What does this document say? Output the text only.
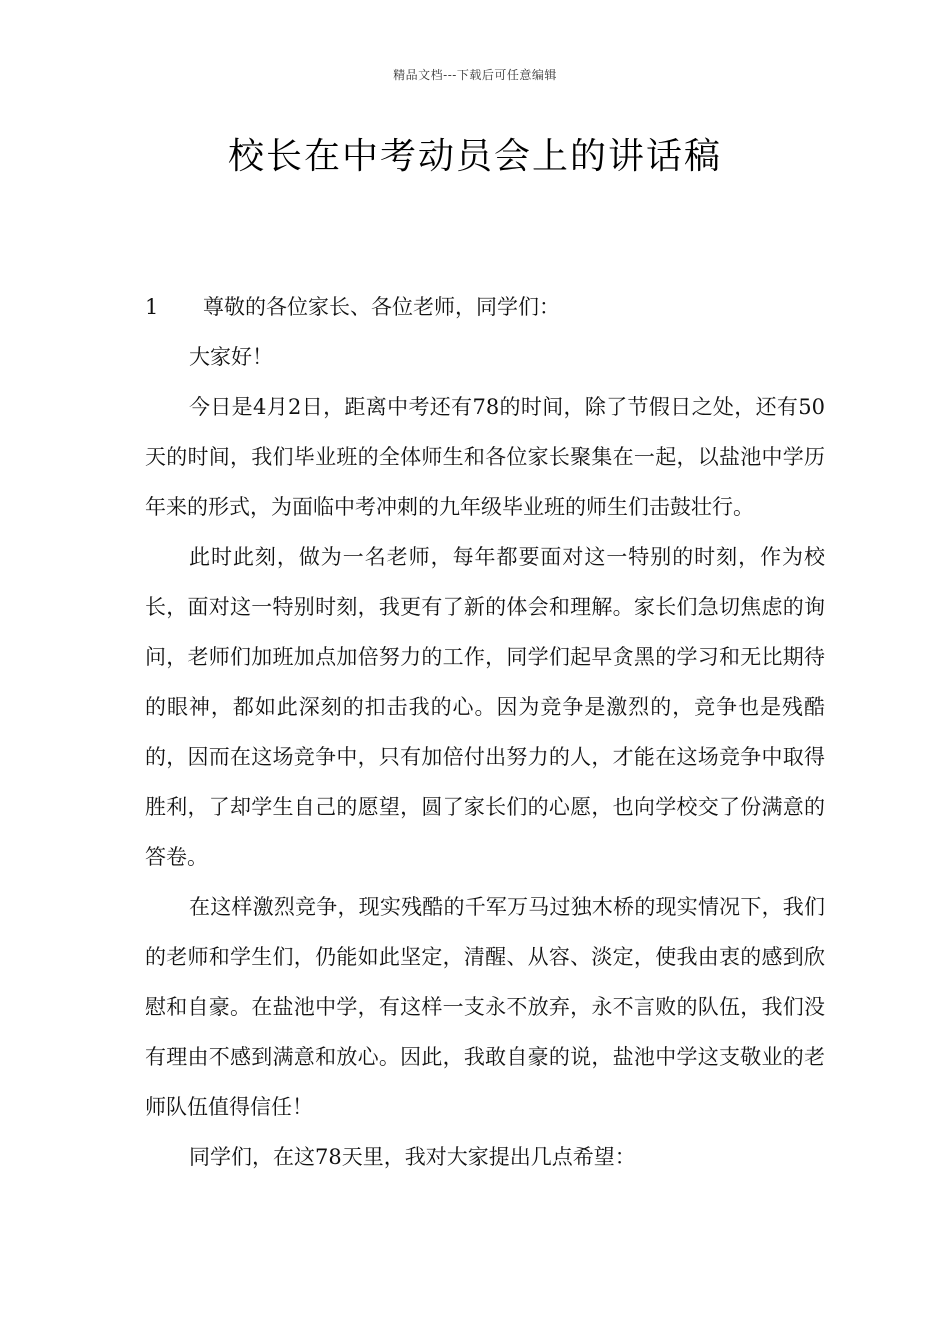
精品文档---下载后可任意编辑
校长在中考动员会上的讲话稿
1	尊敬的各位家长、各位老师，同学们：

大家好！

今日是4月2日，距离中考还有78的时间，除了节假日之处，还有50天的时间，我们毕业班的全体师生和各位家长聚集在一起，以盐池中学历年来的形式，为面临中考冲刺的九年级毕业班的师生们击鼓壮行。

此时此刻，做为一名老师，每年都要面对这一特别的时刻，作为校长，面对这一特别时刻，我更有了新的体会和理解。家长们急切焦虑的询问，老师们加班加点加倍努力的工作，同学们起早贪黑的学习和无比期待的眼神，都如此深刻的扣击我的心。因为竞争是激烈的，竞争也是残酷的，因而在这场竞争中，只有加倍付出努力的人，才能在这场竞争中取得胜利，了却学生自己的愿望，圆了家长们的心愿，也向学校交了份满意的答卷。

在这样激烈竞争，现实残酷的千军万马过独木桥的现实情况下，我们的老师和学生们，仍能如此坚定，清醒、从容、淡定，使我由衷的感到欣慰和自豪。在盐池中学，有这样一支永不放弃，永不言败的队伍，我们没有理由不感到满意和放心。因此，我敢自豪的说，盐池中学这支敬业的老师队伍值得信任！

同学们，在这78天里，我对大家提出几点希望：
